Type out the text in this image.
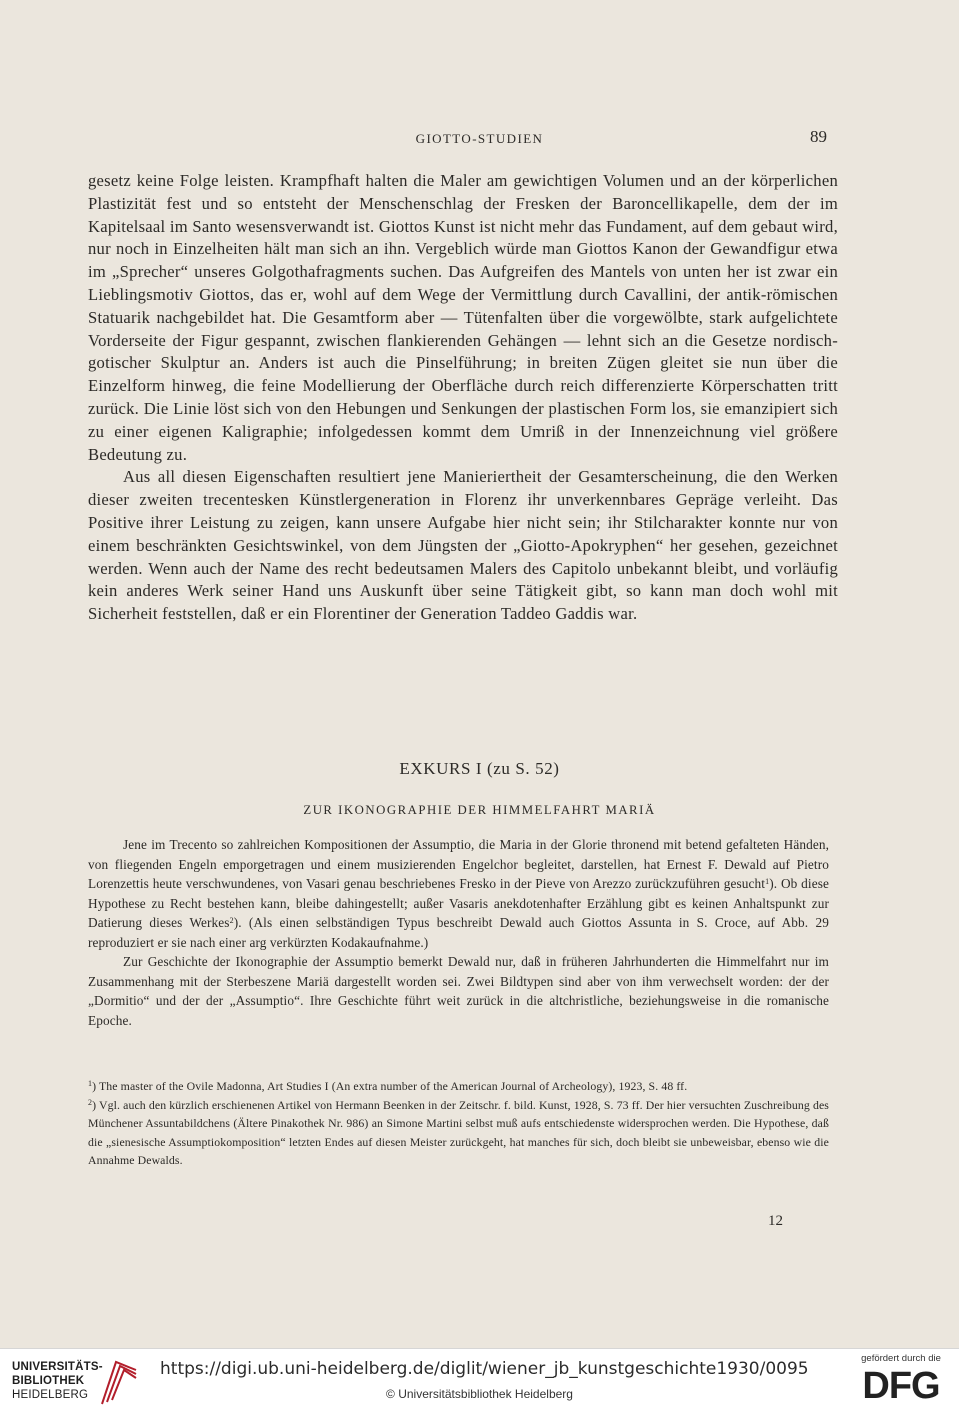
GIOTTO-STUDIEN	89

gesetz keine Folge leisten. Krampfhaft halten die Maler am gewichtigen Volumen und an der körperlichen Plastizität fest und so entsteht der Menschenschlag der Fresken der Baroncellikapelle, dem der im Kapitelsaal im Santo wesensverwandt ist. Giottos Kunst ist nicht mehr das Fundament, auf dem gebaut wird, nur noch in Einzelheiten hält man sich an ihn. Vergeblich würde man Giottos Kanon der Gewandfigur etwa im „Sprecher“ unseres Golgothafragments suchen. Das Aufgreifen des Mantels von unten her ist zwar ein Lieblingsmotiv Giottos, das er, wohl auf dem Wege der Vermittlung durch Cavallini, der antik-römischen Statuarik nachgebildet hat. Die Gesamtform aber — Tütenfalten über die vorgewölbte, stark aufgelichtete Vorderseite der Figur gespannt, zwischen flankierenden Gehängen — lehnt sich an die Gesetze nordisch-gotischer Skulptur an. Anders ist auch die Pinselführung; in breiten Zügen gleitet sie nun über die Einzelform hinweg, die feine Modellierung der Oberfläche durch reich differenzierte Körperschatten tritt zurück. Die Linie löst sich von den Hebungen und Senkungen der plastischen Form los, sie emanzipiert sich zu einer eigenen Kaligraphie; infolgedessen kommt dem Umriß in der Innenzeichnung viel größere Bedeutung zu.

Aus all diesen Eigenschaften resultiert jene Manieriertheit der Gesamterscheinung, die den Werken dieser zweiten trecentesken Künstlergeneration in Florenz ihr unverkennbares Gepräge verleiht. Das Positive ihrer Leistung zu zeigen, kann unsere Aufgabe hier nicht sein; ihr Stilcharakter konnte nur von einem beschränkten Gesichtswinkel, von dem Jüngsten der „Giotto-Apokryphen“ her gesehen, gezeichnet werden. Wenn auch der Name des recht bedeutsamen Malers des Capitolo unbekannt bleibt, und vorläufig kein anderes Werk seiner Hand uns Auskunft über seine Tätigkeit gibt, so kann man doch wohl mit Sicherheit feststellen, daß er ein Florentiner der Generation Taddeo Gaddis war.

EXKURS I (zu S. 52)
ZUR IKONOGRAPHIE DER HIMMELFAHRT MARIÄ

Jene im Trecento so zahlreichen Kompositionen der Assumptio, die Maria in der Glorie thronend mit betend gefalteten Händen, von fliegenden Engeln emporgetragen und einem musizierenden Engelchor begleitet, darstellen, hat Ernest F. Dewald auf Pietro Lorenzettis heute verschwundenes, von Vasari genau beschriebenes Fresko in der Pieve von Arezzo zurückzuführen gesucht$^1$). Ob diese Hypothese zu Recht bestehen kann, bleibe dahingestellt; außer Vasaris anekdotenhafter Erzählung gibt es keinen Anhaltspunkt zur Datierung dieses Werkes$^2$). (Als einen selbständigen Typus beschreibt Dewald auch Giottos Assunta in S. Croce, auf Abb. 29 reproduziert er sie nach einer arg verkürzten Kodakaufnahme.)

Zur Geschichte der Ikonographie der Assumptio bemerkt Dewald nur, daß in früheren Jahrhunderten die Himmelfahrt nur im Zusammenhang mit der Sterbeszene Mariä dargestellt worden sei. Zwei Bildtypen sind aber von ihm verwechselt worden: der der „Dormitio“ und der der „Assumptio“. Ihre Geschichte führt weit zurück in die altchristliche, beziehungsweise in die romanische Epoche.

$^1$) The master of the Ovile Madonna, Art Studies I (An extra number of the American Journal of Archeology), 1923, S. 48 ff.

$^2$) Vgl. auch den kürzlich erschienenen Artikel von Hermann Beenken in der Zeitschr. f. bild. Kunst, 1928, S. 73 ff. Der hier versuchten Zuschreibung des Münchener Assuntabildchens (Ältere Pinakothek Nr. 986) an Simone Martini selbst muß aufs entschiedenste widersprochen werden. Die Hypothese, daß die „sienesische Assumptiokomposition“ letzten Endes auf diesen Meister zurückgeht, hat manches für sich, doch bleibt sie unbeweisbar, ebenso wie die Annahme Dewalds.

12
UNIVERSITÄTS-
BIBLIOTHEK
HEIDELBERG
https://digi.ub.uni-heidelberg.de/diglit/wiener_jb_kunstgeschichte1930/0095
© Universitätsbibliothek Heidelberg
gefördert durch die
DFG
